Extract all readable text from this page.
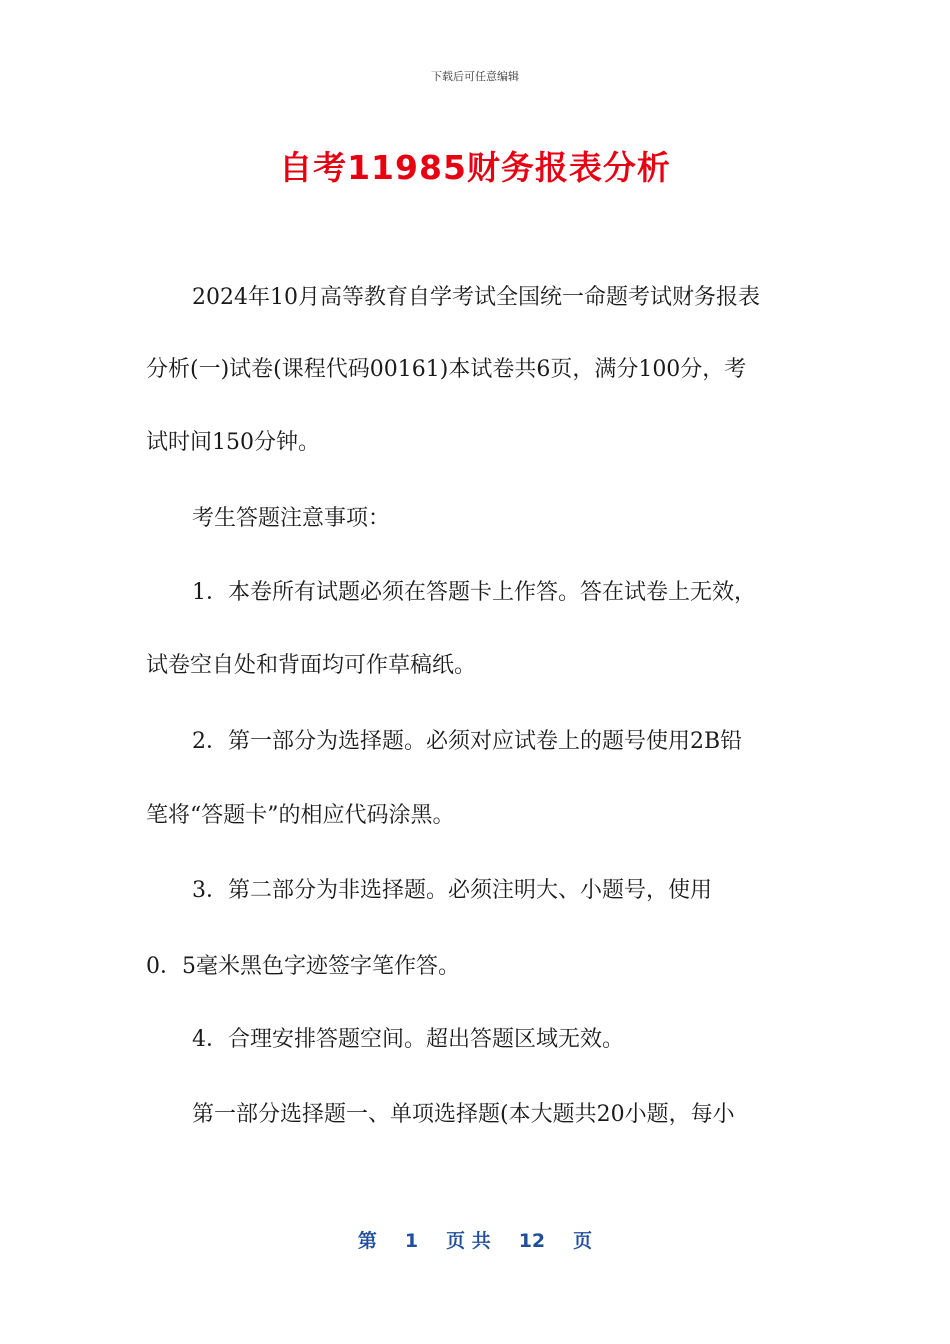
下载后可任意编辑
自考11985财务报表分析
2024年10月高等教育自学考试全国统一命题考试财务报表
分析(一)试卷(课程代码00161)本试卷共6页，满分100分，考
试时间150分钟。
考生答题注意事项：
1．本卷所有试题必须在答题卡上作答。答在试卷上无效，
试卷空自处和背面均可作草稿纸。
2．第一部分为选择题。必须对应试卷上的题号使用2B铅
笔将“答题卡”的相应代码涂黑。
3．第二部分为非选择题。必须注明大、小题号，使用
0．5毫米黑色字迹签字笔作答。
4．合理安排答题空间。超出答题区域无效。
第一部分选择题一、单项选择题(本大题共20小题，每小
第 1 页 共 12 页
